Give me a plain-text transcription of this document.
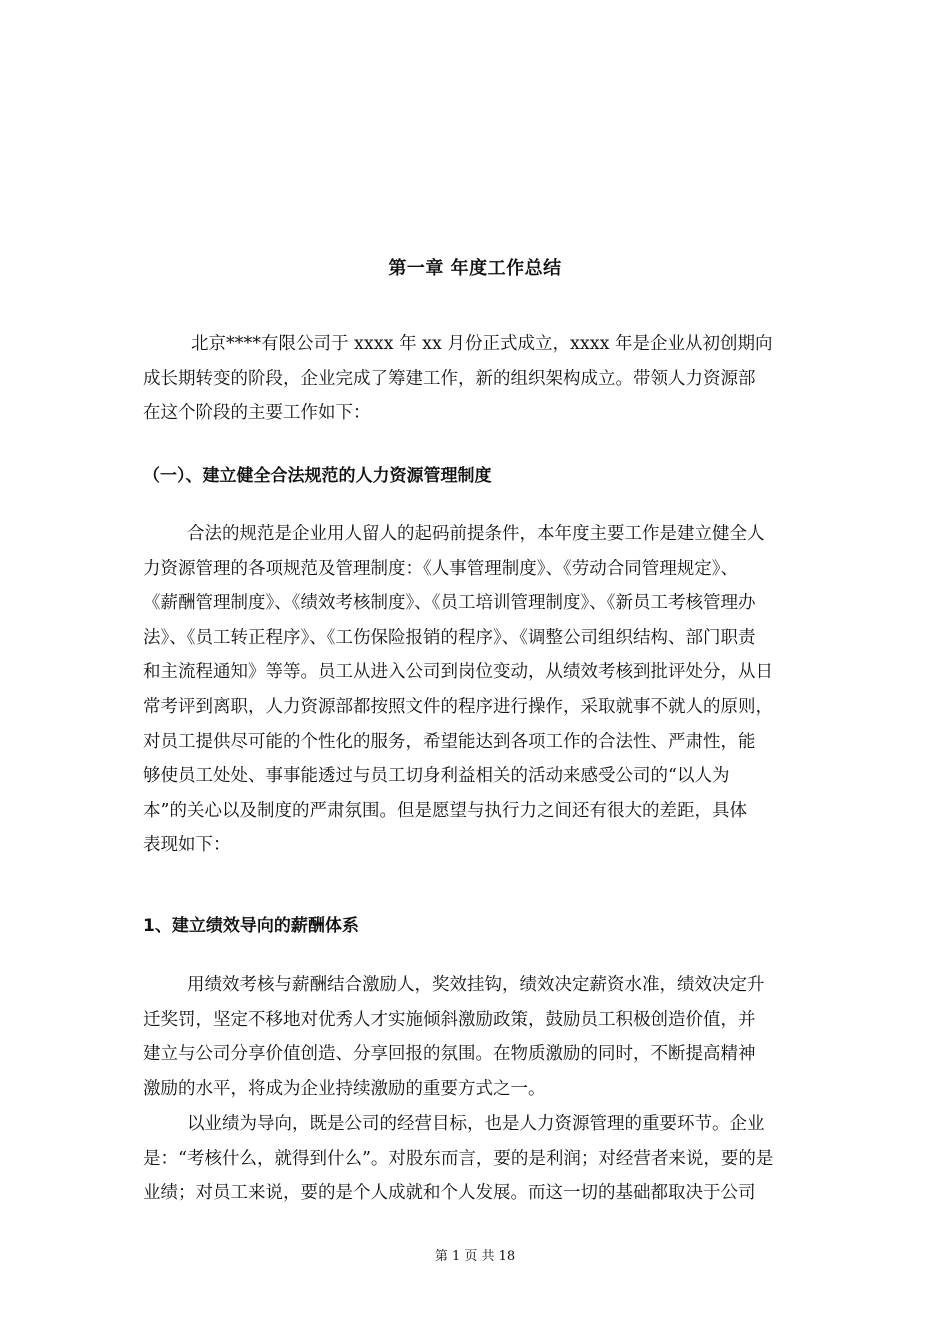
第一章 年度工作总结

北京****有限公司于 xxxx 年 xx 月份正式成立，xxxx 年是企业从初创期向
成长期转变的阶段，企业完成了筹建工作，新的组织架构成立。带领人力资源部
在这个阶段的主要工作如下：

（一）、建立健全合法规范的人力资源管理制度

合法的规范是企业用人留人的起码前提条件，本年度主要工作是建立健全人
力资源管理的各项规范及管理制度：《人事管理制度》、《劳动合同管理规定》、
《薪酬管理制度》、《绩效考核制度》、《员工培训管理制度》、《新员工考核管理办
法》、《员工转正程序》、《工伤保险报销的程序》、《调整公司组织结构、部门职责
和主流程通知》等等。员工从进入公司到岗位变动，从绩效考核到批评处分，从日
常考评到离职，人力资源部都按照文件的程序进行操作，采取就事不就人的原则，
对员工提供尽可能的个性化的服务，希望能达到各项工作的合法性、严肃性，能
够使员工处处、事事能透过与员工切身利益相关的活动来感受公司的“以人为
本”的关心以及制度的严肃氛围。但是愿望与执行力之间还有很大的差距，具体
表现如下：

1、建立绩效导向的薪酬体系

用绩效考核与薪酬结合激励人，奖效挂钩，绩效决定薪资水准，绩效决定升
迁奖罚，坚定不移地对优秀人才实施倾斜激励政策，鼓励员工积极创造价值，并
建立与公司分享价值创造、分享回报的氛围。在物质激励的同时，不断提高精神
激励的水平，将成为企业持续激励的重要方式之一。

以业绩为导向，既是公司的经营目标，也是人力资源管理的重要环节。企业
是：“考核什么，就得到什么”。对股东而言，要的是利润；对经营者来说，要的是
业绩；对员工来说，要的是个人成就和个人发展。而这一切的基础都取决于公司

第 1 页 共 18
